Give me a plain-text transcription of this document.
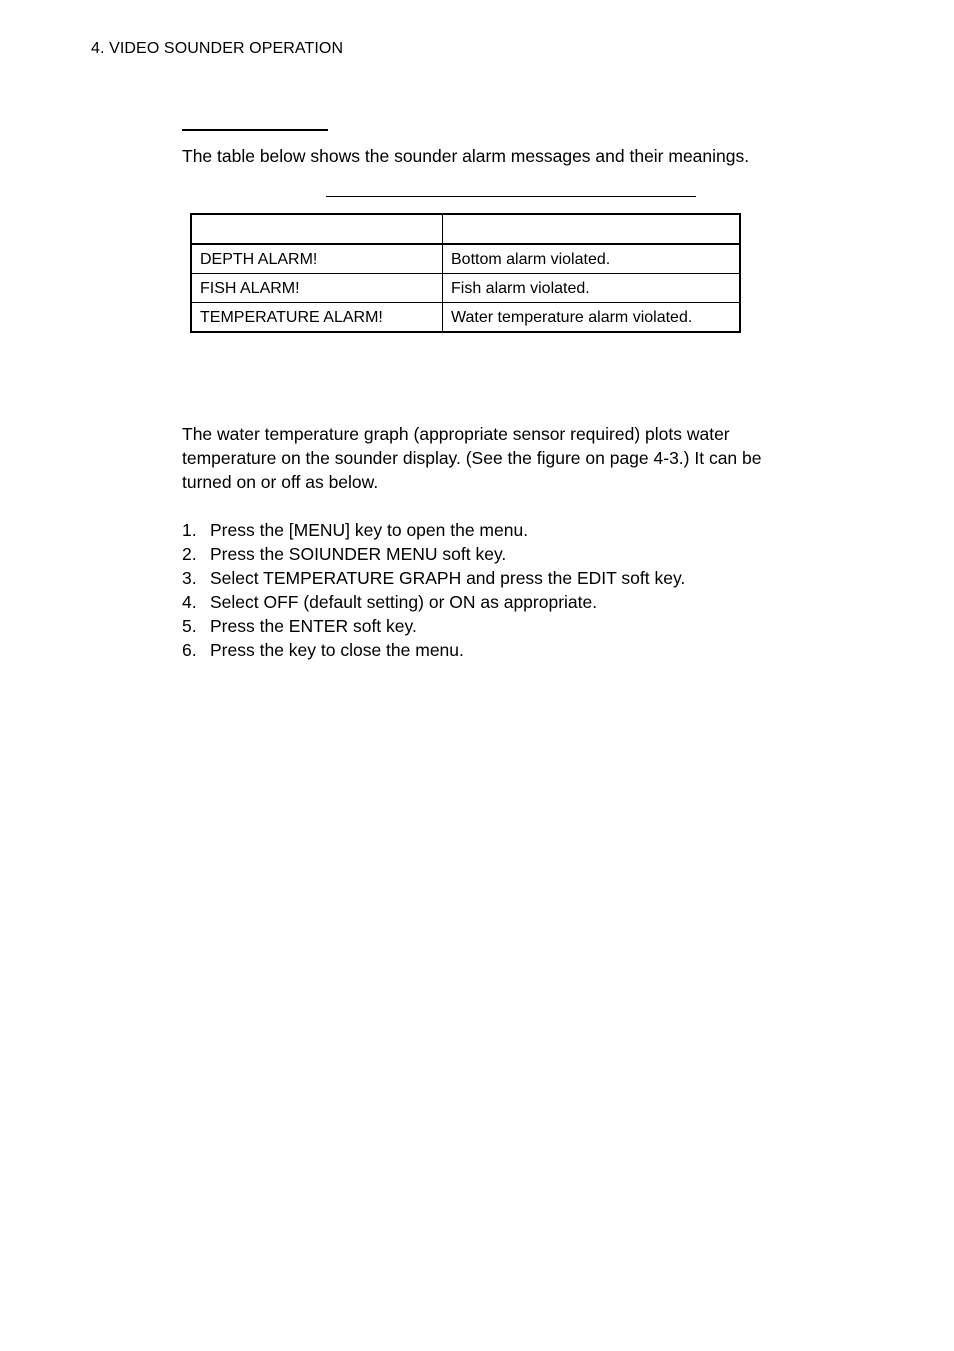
4. VIDEO SOUNDER OPERATION
The table below shows the sounder alarm messages and their meanings.

DEPTH ALARM!	Bottom alarm violated.
FISH ALARM!	Fish alarm violated.
TEMPERATURE ALARM!	Water temperature alarm violated.
The water temperature graph (appropriate sensor required) plots water
temperature on the sounder display. (See the figure on page 4-3.) It can be
turned on or off as below.
1. Press the [MENU] key to open the menu.
2. Press the SOIUNDER MENU soft key.
3. Select TEMPERATURE GRAPH and press the EDIT soft key.
4. Select OFF (default setting) or ON as appropriate.
5. Press the ENTER soft key.
6. Press the key to close the menu.
